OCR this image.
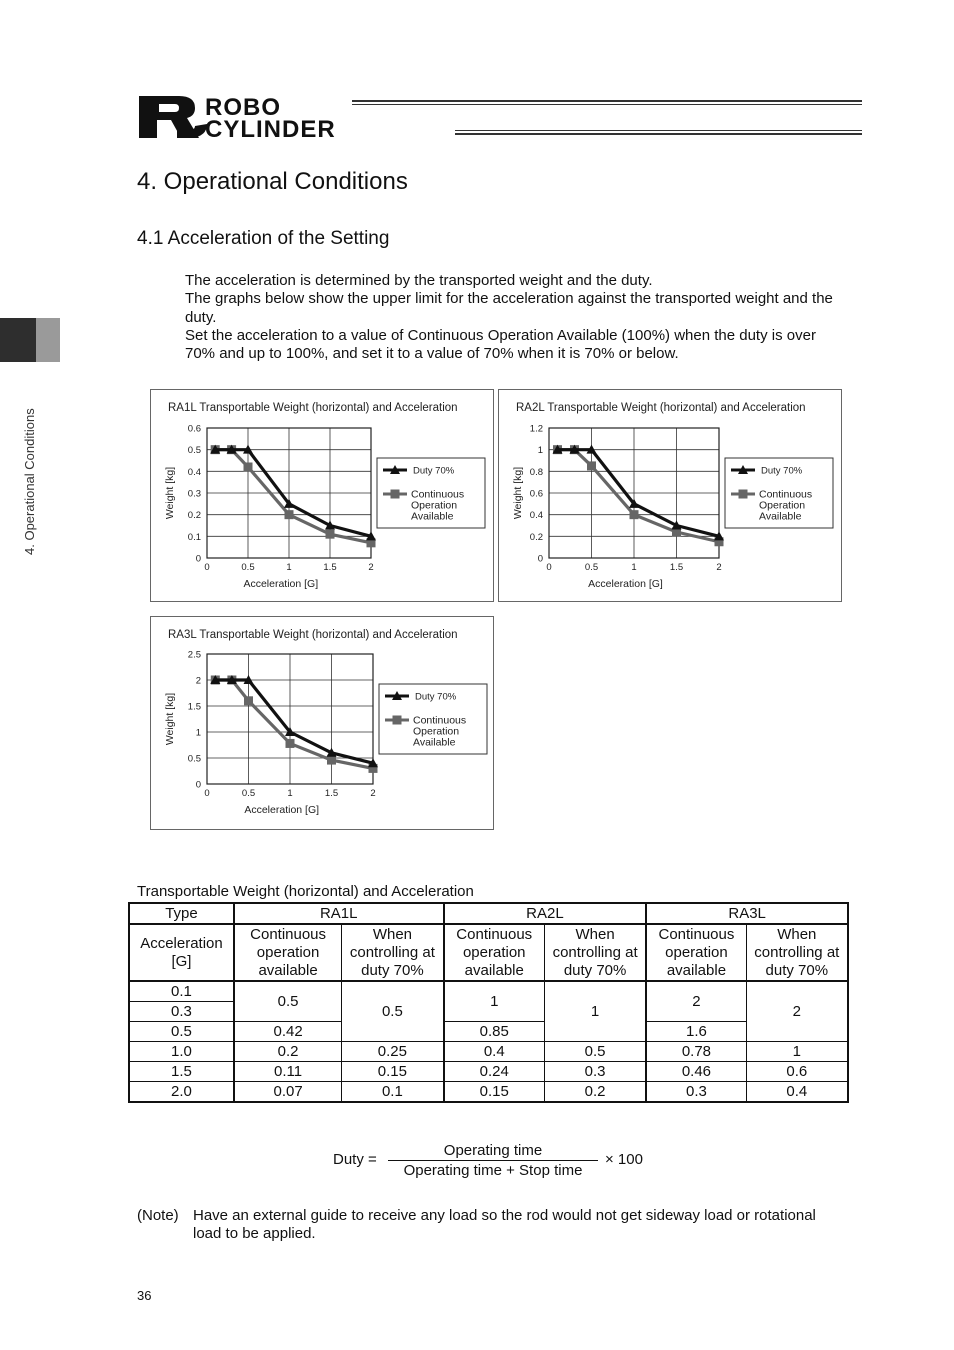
ROBO
CYLINDER
4. Operational Conditions
4. Operational Conditions
4.1 Acceleration of the Setting

The acceleration is determined by the transported weight and the duty.

The graphs below show the upper limit for the acceleration against the transported weight and the duty.

Set the acceleration to a value of Continuous Operation Available (100%) when the duty is over 70% and up to 100%, and set it to a value of 70% when it is 70% or below.

RA1L Transportable Weight (horizontal) and Acceleration
0	0.5	1	1.5	2
0
0.1
0.2
0.3
0.4
0.5
0.6
Acceleration [G]
Weight [kg]	Duty 70%
Continuous
Operation
Available
RA2L Transportable Weight (horizontal) and Acceleration
0	0.5	1	1.5	2
0
0.2
0.4
0.6
0.8
1
1.2
Acceleration [G]
Weight [kg]	Duty 70%
Continuous
Operation
Available
RA3L Transportable Weight (horizontal) and Acceleration
0	0.5	1	1.5	2
0
0.5
1
1.5
2
2.5
Acceleration [G]
Weight [kg]	Duty 70%
Continuous
Operation
Available
Transportable Weight (horizontal) and Acceleration
Type	RA1L		RA2L		RA3L	
Acceleration [G]	Continuous operation available	When controlling at duty 70%	Continuous operation available	When controlling at duty 70%	Continuous operation available	When controlling at duty 70%
0.1	0.5	0.5	1	1	2	2
0.3						
0.5	0.42		0.85		1.6	
1.0	0.2	0.25	0.4	0.5	0.78	1
1.5	0.11	0.15	0.24	0.3	0.46	0.6
2.0	0.07	0.1	0.15	0.2	0.3	0.4
Duty =
Operating time
Operating time + Stop time
× 100
(Note) Have an external guide to receive any load so the rod would not get sideway load or rotational load to be applied.
36
